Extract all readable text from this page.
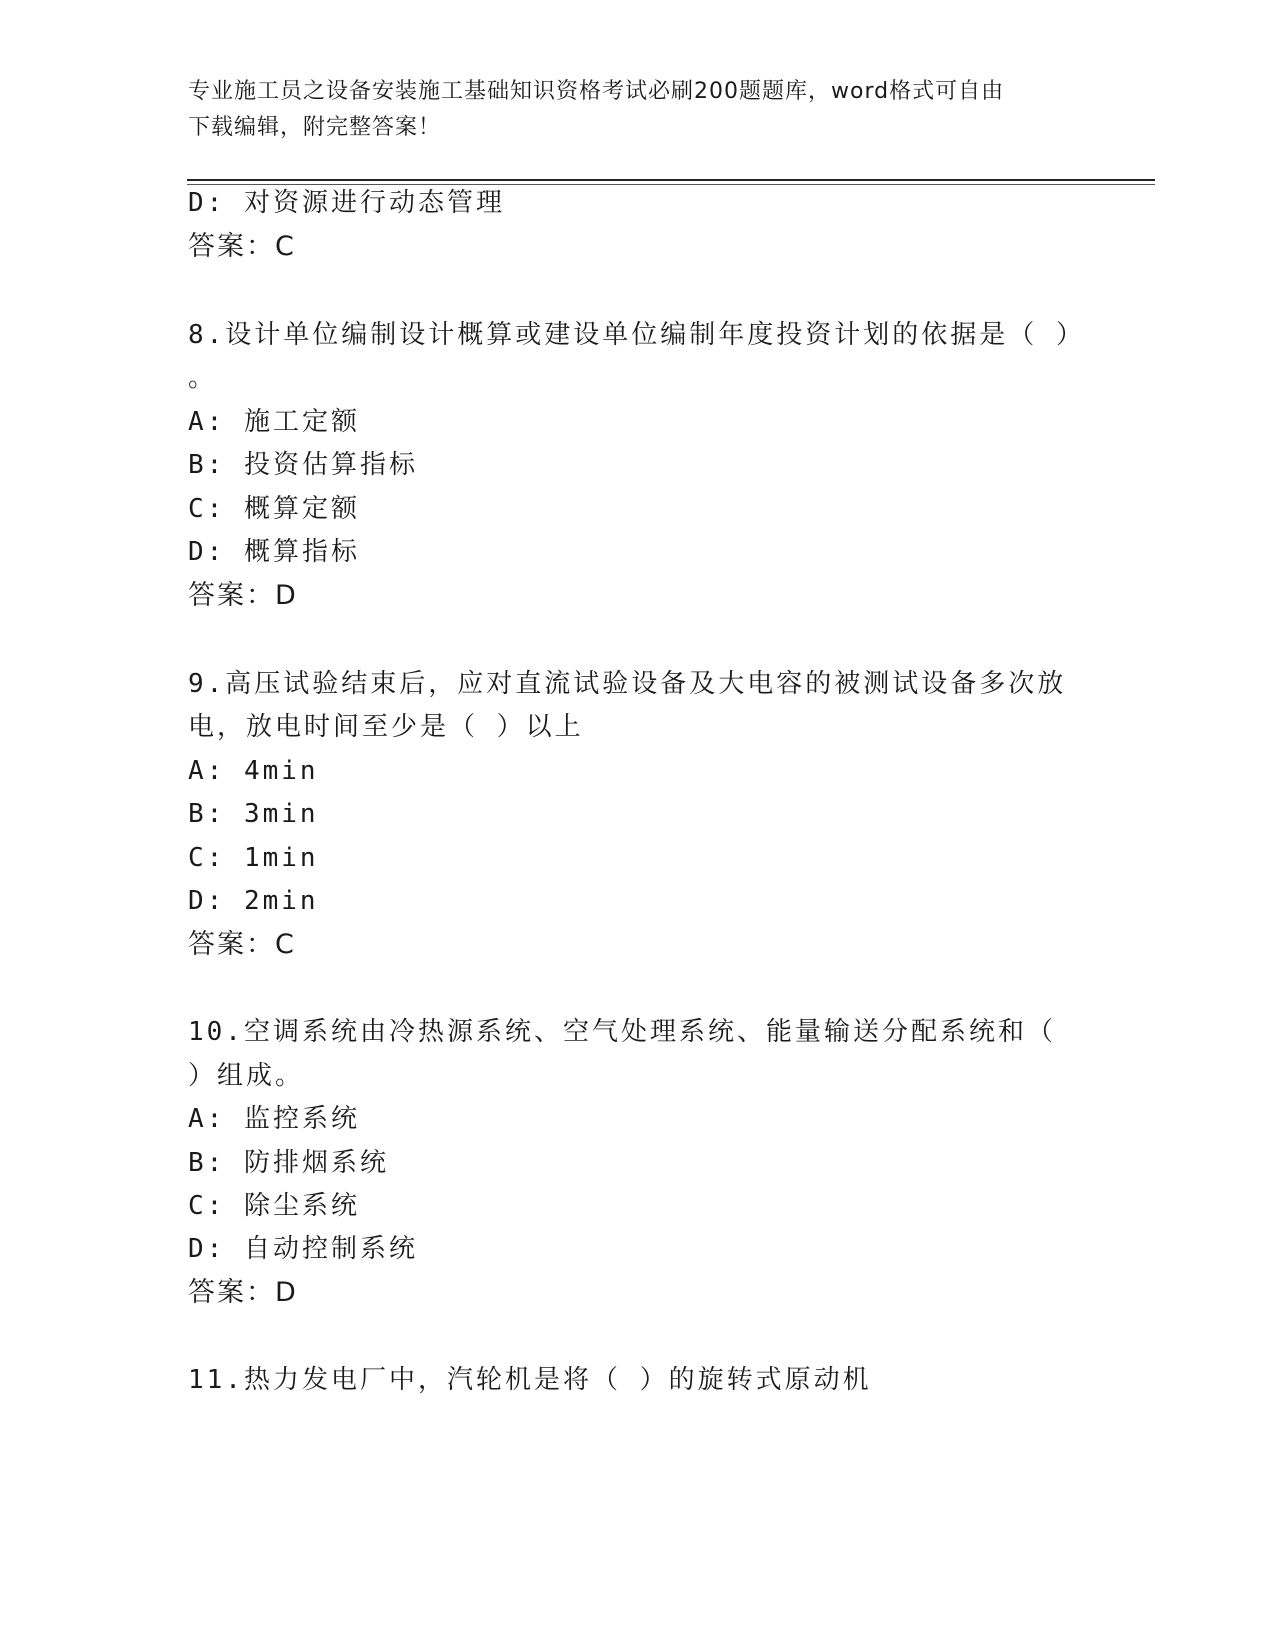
专业施工员之设备安装施工基础知识资格考试必刷200题题库，word格式可自由
下载编辑，附完整答案！
D: 对资源进行动态管理
答案：C
8.设计单位编制设计概算或建设单位编制年度投资计划的依据是（ ）
。
A: 施工定额
B: 投资估算指标
C: 概算定额
D: 概算指标
答案：D
9.高压试验结束后，应对直流试验设备及大电容的被测试设备多次放
电，放电时间至少是（ ）以上
A: 4min
B: 3min
C: 1min
D: 2min
答案：C
10.空调系统由冷热源系统、空气处理系统、能量输送分配系统和（
）组成。
A: 监控系统
B: 防排烟系统
C: 除尘系统
D: 自动控制系统
答案：D
11.热力发电厂中，汽轮机是将（ ）的旋转式原动机
